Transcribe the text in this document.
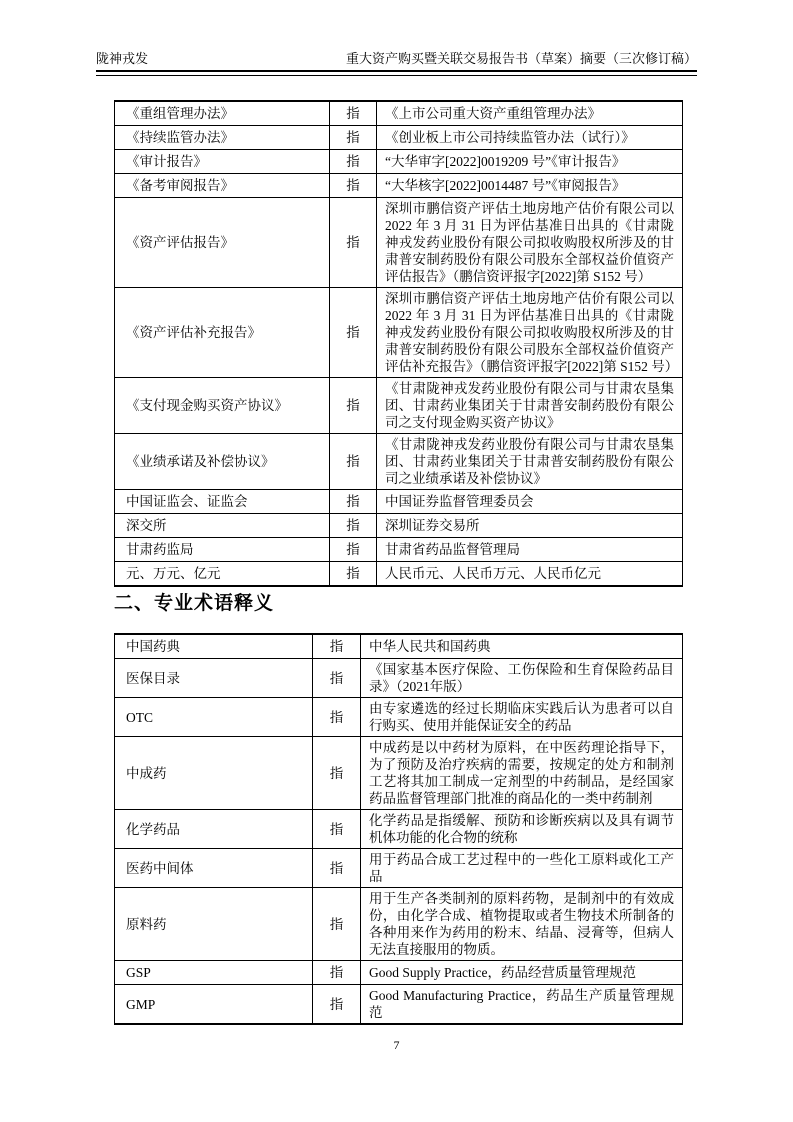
陇神戎发	重大资产购买暨关联交易报告书（草案）摘要（三次修订稿）
《重组管理办法》	指	《上市公司重大资产重组管理办法》
《持续监管办法》	指	《创业板上市公司持续监管办法（试行）》
《审计报告》	指	“大华审字[2022]0019209 号”《审计报告》
《备考审阅报告》	指	“大华核字[2022]0014487 号”《审阅报告》
《资产评估报告》	指	深圳市鹏信资产评估土地房地产估价有限公司以 2022 年 3 月 31 日为评估基准日出具的《甘肃陇神戎发药业股份有限公司拟收购股权所涉及的甘肃普安制药股份有限公司股东全部权益价值资产评估报告》（鹏信资评报字[2022]第 S152 号）
《资产评估补充报告》	指	深圳市鹏信资产评估土地房地产估价有限公司以 2022 年 3 月 31 日为评估基准日出具的《甘肃陇神戎发药业股份有限公司拟收购股权所涉及的甘肃普安制药股份有限公司股东全部权益价值资产评估补充报告》（鹏信资评报字[2022]第 S152 号）
《支付现金购买资产协议》	指	《甘肃陇神戎发药业股份有限公司与甘肃农垦集团、甘肃药业集团关于甘肃普安制药股份有限公司之支付现金购买资产协议》
《业绩承诺及补偿协议》	指	《甘肃陇神戎发药业股份有限公司与甘肃农垦集团、甘肃药业集团关于甘肃普安制药股份有限公司之业绩承诺及补偿协议》
中国证监会、证监会	指	中国证券监督管理委员会
深交所	指	深圳证券交易所
甘肃药监局	指	甘肃省药品监督管理局
元、万元、亿元	指	人民币元、人民币万元、人民币亿元
二、专业术语释义
中国药典	指	中华人民共和国药典
医保目录	指	《国家基本医疗保险、工伤保险和生育保险药品目录》（2021年版）
OTC	指	由专家遴选的经过长期临床实践后认为患者可以自行购买、使用并能保证安全的药品
中成药	指	中成药是以中药材为原料，在中医药理论指导下，为了预防及治疗疾病的需要，按规定的处方和制剂工艺将其加工制成一定剂型的中药制品，是经国家药品监督管理部门批准的商品化的一类中药制剂
化学药品	指	化学药品是指缓解、预防和诊断疾病以及具有调节机体功能的化合物的统称
医药中间体	指	用于药品合成工艺过程中的一些化工原料或化工产品
原料药	指	用于生产各类制剂的原料药物，是制剂中的有效成份，由化学合成、植物提取或者生物技术所制备的各种用来作为药用的粉末、结晶、浸膏等，但病人无法直接服用的物质。
GSP	指	Good Supply Practice，药品经营质量管理规范
GMP	指	Good Manufacturing Practice，药品生产质量管理规范
7
